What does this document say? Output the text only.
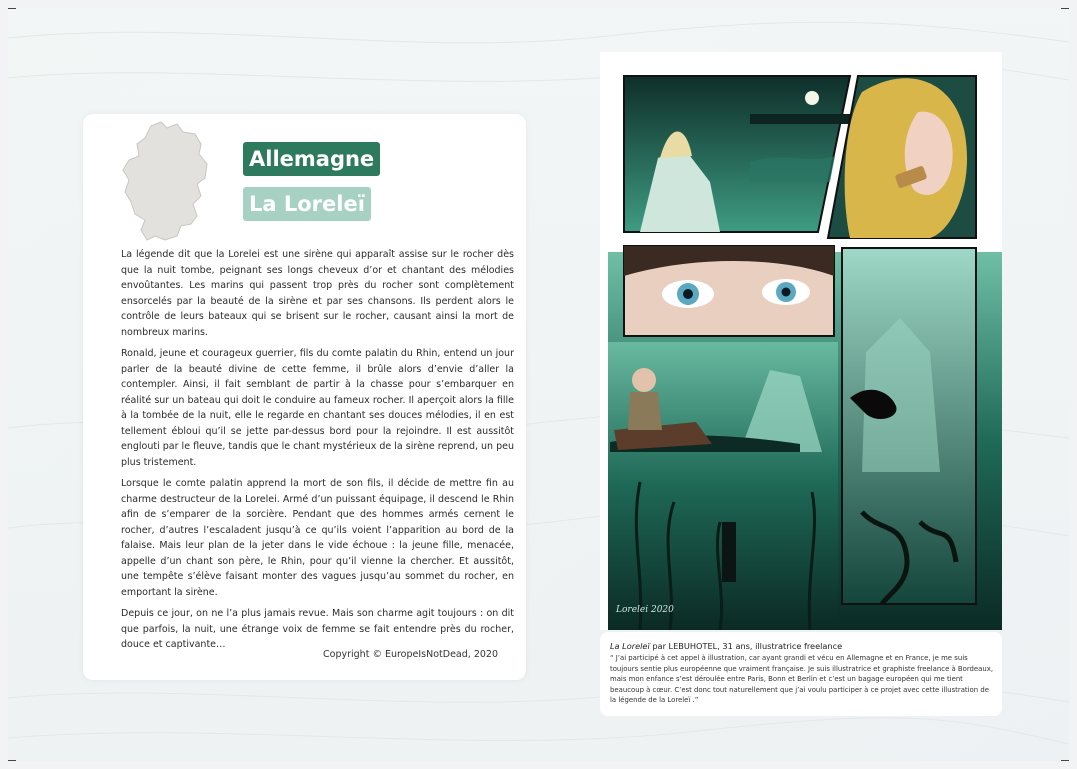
Allemagne
La Loreleï

La légende dit que la Lorelei est une sirène qui apparaît assise sur le rocher dès que la nuit tombe, peignant ses longs cheveux d’or et chantant des mélodies envoûtantes. Les marins qui passent trop près du rocher sont complètement ensorcelés par la beauté de la sirène et par ses chansons. Ils perdent alors le contrôle de leurs bateaux qui se brisent sur le rocher, causant ainsi la mort de nombreux marins.

Ronald, jeune et courageux guerrier, fils du comte palatin du Rhin, entend un jour parler de la beauté divine de cette femme, il brûle alors d’envie d’aller la contempler. Ainsi, il fait semblant de partir à la chasse pour s’embarquer en réalité sur un bateau qui doit le conduire au fameux rocher. Il aperçoit alors la fille à la tombée de la nuit, elle le regarde en chantant ses douces mélodies, il en est tellement ébloui qu’il se jette par-dessus bord pour la rejoindre. Il est aussitôt englouti par le fleuve, tandis que le chant mystérieux de la sirène reprend, un peu plus tristement.

Lorsque le comte palatin apprend la mort de son fils, il décide de mettre fin au charme destructeur de la Lorelei. Armé d’un puissant équipage, il descend le Rhin afin de s’emparer de la sorcière. Pendant que des hommes armés cernent le rocher, d’autres l’escaladent jusqu’à ce qu’ils voient l’apparition au bord de la falaise. Mais leur plan de la jeter dans le vide échoue : la jeune fille, menacée, appelle d’un chant son père, le Rhin, pour qu’il vienne la chercher. Et aussitôt, une tempête s’élève faisant monter des vagues jusqu’au sommet du rocher, en emportant la sirène.

Depuis ce jour, on ne l’a plus jamais revue. Mais son charme agit toujours : on dit que parfois, la nuit, une étrange voix de femme se fait entendre près du rocher, douce et captivante…

Copyright © EuropeIsNotDead, 2020
Lorelei 2020
La Loreleï par LEBUHOTEL, 31 ans, illustratrice freelance
“ J’ai participé à cet appel à illustration, car ayant grandi et vécu en Allemagne et en France, je me suis toujours sentie plus européenne que vraiment française. Je suis illustratrice et graphiste freelance à Bordeaux, mais mon enfance s’est déroulée entre Paris, Bonn et Berlin et c’est un bagage européen qui me tient beaucoup à cœur. C’est donc tout naturellement que j’ai voulu participer à ce projet avec cette illustration de la légende de la Loreleï .”
